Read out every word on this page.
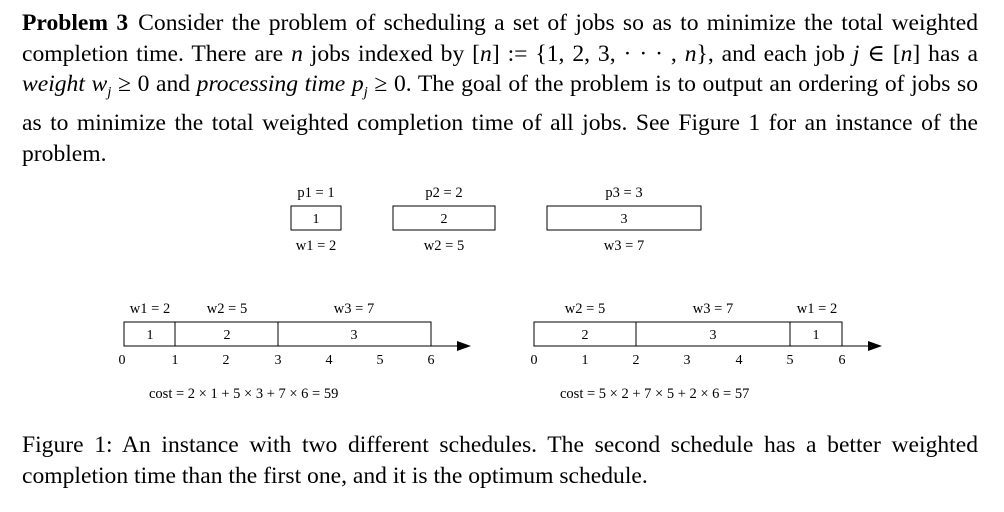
Problem 3 Consider the problem of scheduling a set of jobs so as to minimize the total weighted completion time. There are n jobs indexed by [n] := {1, 2, 3, · · · , n}, and each job j ∈ [n] has a weight $w_j \ge 0$ and processing time $p_j \ge 0$. The goal of the problem is to output an ordering of jobs so as to minimize the total weighted completion time of all jobs. See Figure 1 for an instance of the problem.
p1 = 1
1
w1 = 2
p2 = 2
2
w2 = 5
p3 = 3
3
w3 = 7
w1 = 2	w2 = 5	w3 = 7
1	2	3
0	1	2	3	4	5	6
cost = 2 × 1 + 5 × 3 + 7 × 6 = 59
w2 = 5	w3 = 7	w1 = 2
2	3	1
0	1	2	3	4	5	6
cost = 5 × 2 + 7 × 5 + 2 × 6 = 57
Figure 1: An instance with two different schedules. The second schedule has a better weighted completion time than the first one, and it is the optimum schedule.
